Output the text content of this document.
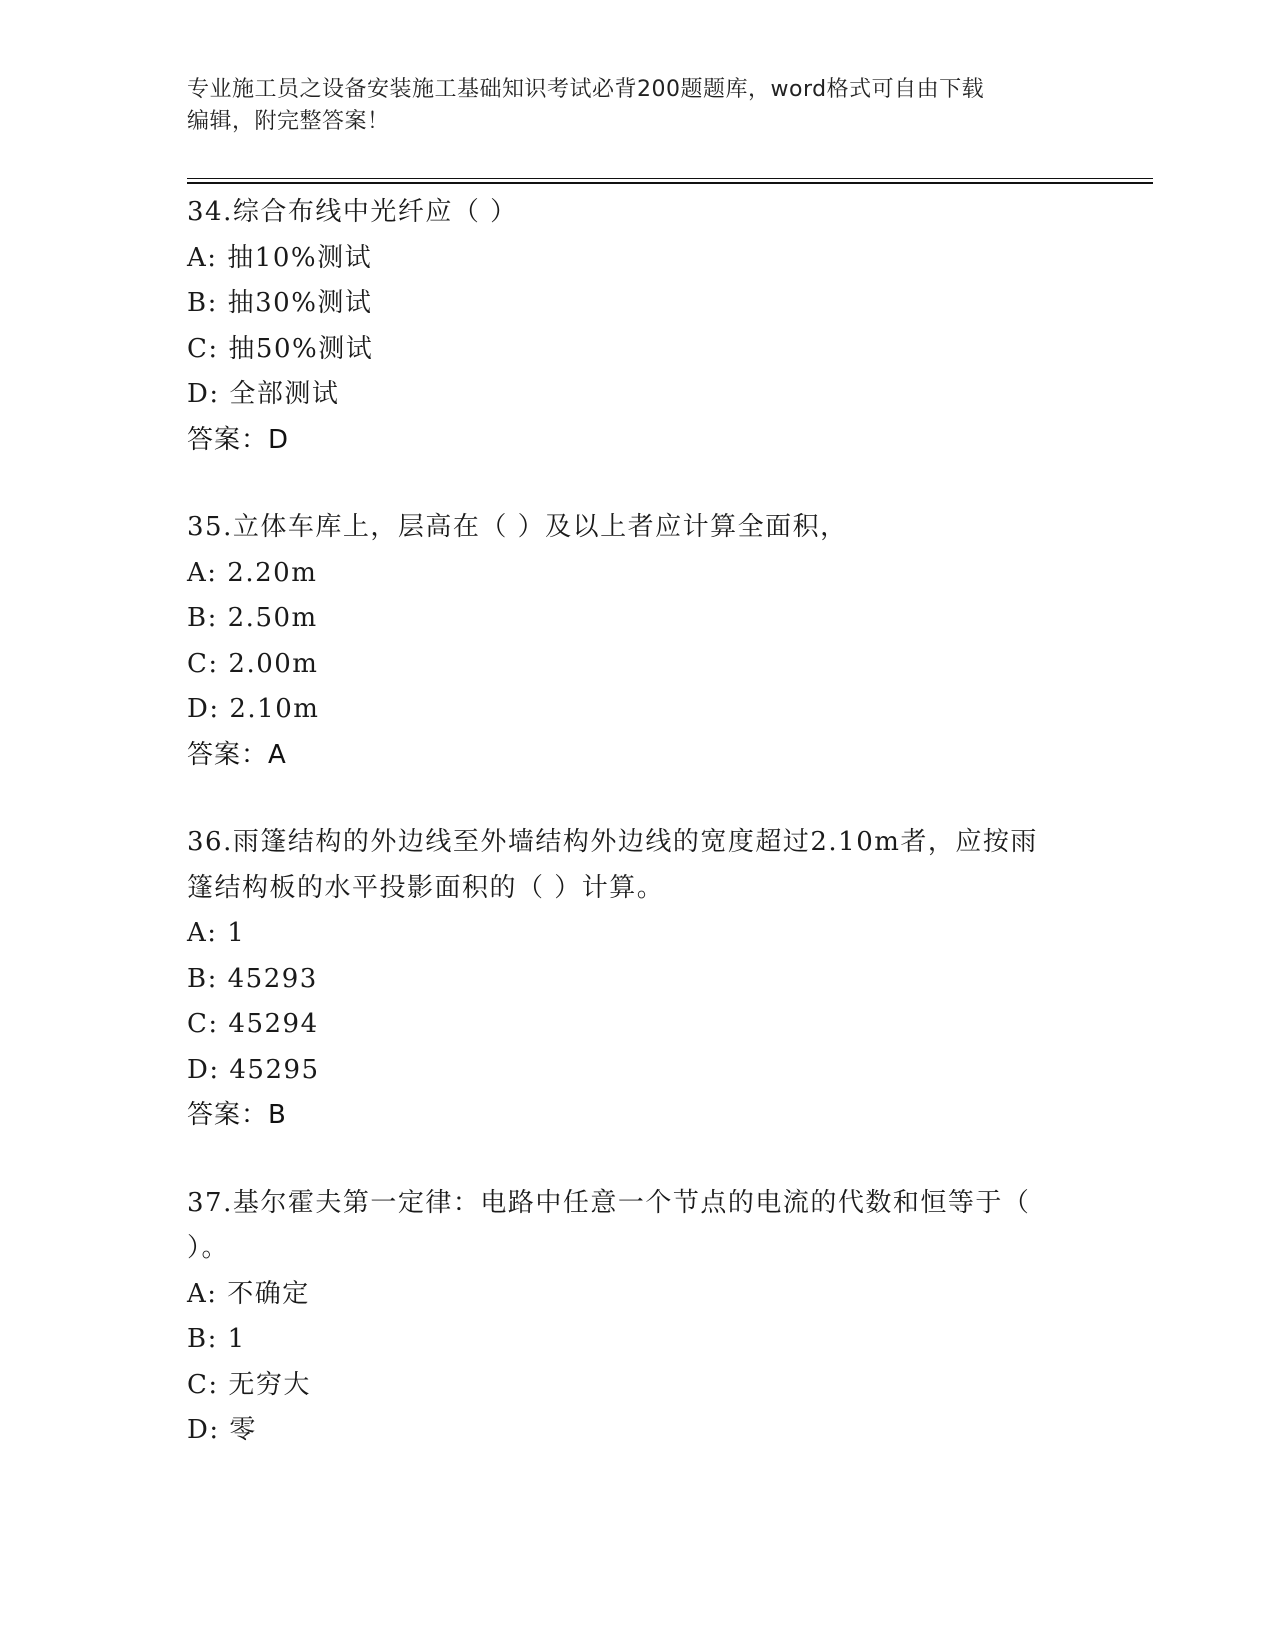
专业施工员之设备安装施工基础知识考试必背200题题库，word格式可自由下载
编辑，附完整答案！
34.综合布线中光纤应（ ）
A: 抽10%测试
B: 抽30%测试
C: 抽50%测试
D: 全部测试
答案：D
35.立体车库上，层高在（ ）及以上者应计算全面积，
A: 2.20m
B: 2.50m
C: 2.00m
D: 2.10m
答案：A
36.雨篷结构的外边线至外墙结构外边线的宽度超过2.10m者，应按雨
篷结构板的水平投影面积的（ ）计算。
A: 1
B: 45293
C: 45294
D: 45295
答案：B
37.基尔霍夫第一定律：电路中任意一个节点的电流的代数和恒等于（
）。
A: 不确定
B: 1
C: 无穷大
D: 零
